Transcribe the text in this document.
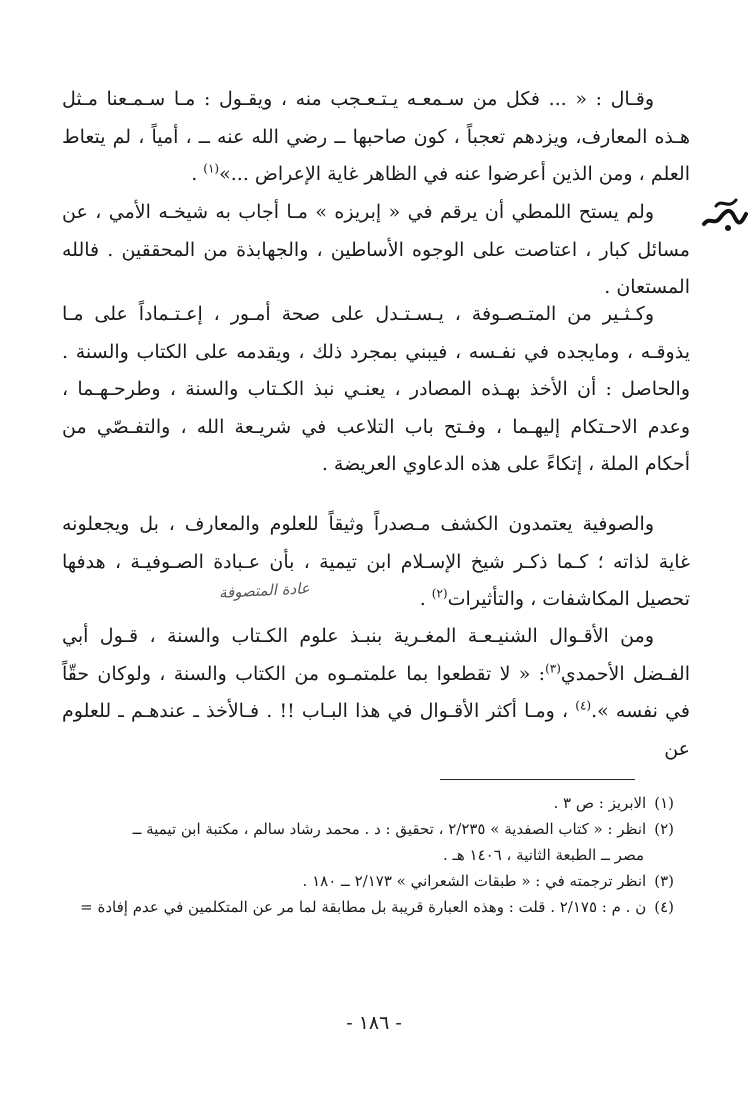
وقـال : « ... فكل من سـمعـه يـتـعـجب منه ، ويقـول : مـا سـمـعنا مـثل هـذه المعارف، ويزدهم تعجباً ، كون صاحبها ــ رضي الله عنه ــ ، أمياً ، لم يتعاط العلم ، ومن الذين أعرضوا عنه في الظاهر غاية الإعراض ...»$^{(١)}$ .

ولم يستح اللمطي أن يرقم في « إبريزه » مـا أجاب به شيخـه الأمي ، عن مسائل كبار ، اعتاصت على الوجوه الأساطين ، والجهابذة من المحققين . فالله المستعان .

وكـثـير من المتـصـوفة ، يـسـتـدل على صحة أمـور ، إعـتـماداً على مـا يذوقـه ، ومايجده في نفـسه ، فيبني بمجرد ذلك ، ويقدمه على الكتاب والسنة . والحاصل : أن الأخذ بهـذه المصادر ، يعنـي نبذ الكـتاب والسنة ، وطرحـهـما ، وعدم الاحـتكام إليهـما ، وفـتح باب التلاعب في شريـعة الله ، والتفـصّي من أحكام الملة ، إتكاءً على هذه الدعاوي العريضة .

والصوفية يعتمدون الكشف مـصدراً وثيقاً للعلوم والمعارف ، بل ويجعلونه غاية لذاته ؛ كـما ذكـر شيخ الإسـلام ابن تيمية ، بأن عـبادة الصـوفيـة ، هدفها تحصيل المكاشفات ، والتأثيرات$^{(٢)}$ .

عادة المتصوفة

ومن الأقـوال الشنيـعـة المغـرية بنبـذ علوم الكـتاب والسنة ، قـول أبي الفـضل الأحمدي$^{(٣)}$: « لا تقطعوا بما علمتمـوه من الكتاب والسنة ، ولوكان حقّاً في نفسه ».$^{(٤)}$ ، ومـا أكثر الأقـوال في هذا البـاب !! . فـالأخذ ـ عندهـم ـ للعلوم عن

(١)الابريز : ص ٣ .

(٢)انظر : « كتاب الصفدية » ٢/٢٣٥ ، تحقيق : د . محمد رشاد سالم ، مكتبة ابن تيمية ــ

مصر ــ الطبعة الثانية ، ١٤٠٦ هـ .

(٣)انظر ترجمته في : « طبقات الشعراني » ٢/١٧٣ ــ ١٨٠ .

(٤)ن . م : ٢/١٧٥ . قلت : وهذه العبارة قريبة بل مطابقة لما مر عن المتكلمين في عدم إفادة =

- ١٨٦ -
